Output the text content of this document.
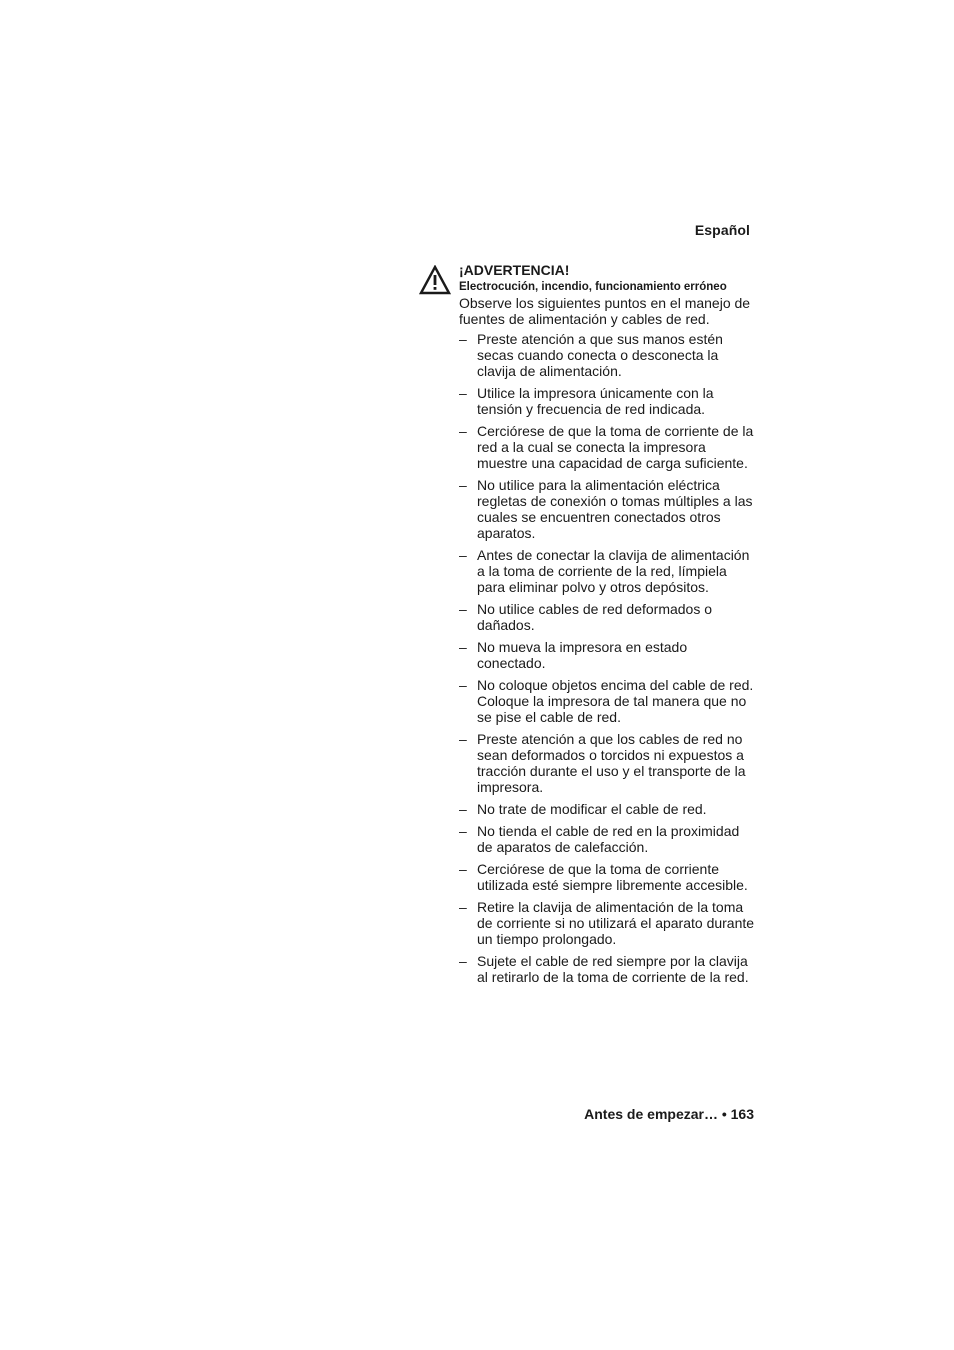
Español

¡ADVERTENCIA!

Electrocución, incendio, funcionamiento erróneo

Observe los siguientes puntos en el manejo de fuentes de alimentación y cables de red.

– Preste atención a que sus manos estén secas cuando conecta o desconecta la clavija de alimentación.
– Utilice la impresora únicamente con la tensión y frecuencia de red indicada.
– Cerciórese de que la toma de corriente de la red a la cual se conecta la impresora muestre una capacidad de carga suficiente.
– No utilice para la alimentación eléctrica regletas de conexión o tomas múltiples a las cuales se encuentren conectados otros aparatos.
– Antes de conectar la clavija de alimentación a la toma de corriente de la red, límpiela para eliminar polvo y otros depósitos.
– No utilice cables de red deformados o dañados.
– No mueva la impresora en estado conectado.
– No coloque objetos encima del cable de red. Coloque la impresora de tal manera que no se pise el cable de red.
– Preste atención a que los cables de red no sean deformados o torcidos ni expuestos a tracción durante el uso y el transporte de la impresora.
– No trate de modificar el cable de red.
– No tienda el cable de red en la proximidad de aparatos de calefacción.
– Cerciórese de que la toma de corriente utilizada esté siempre libremente accesible.
– Retire la clavija de alimentación de la toma de corriente si no utilizará el aparato durante un tiempo prolongado.
– Sujete el cable de red siempre por la clavija al retirarlo de la toma de corriente de la red.
Antes de empezar… • 163
